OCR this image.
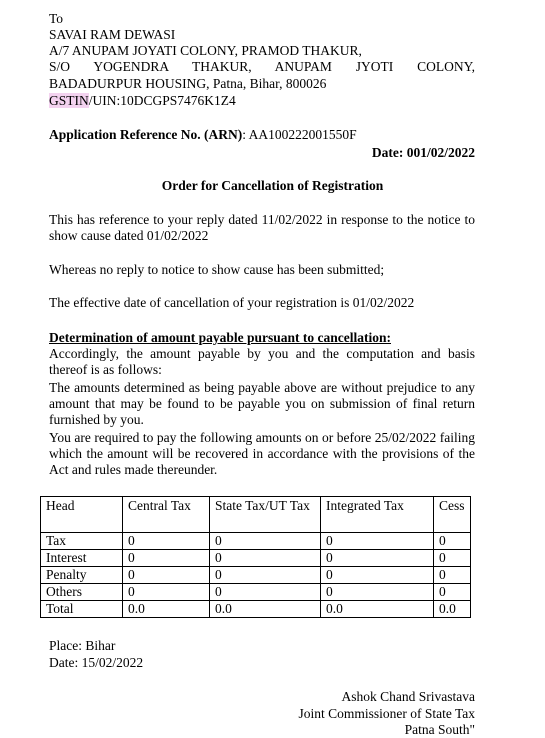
To
SAVAI RAM DEWASI
A/7 ANUPAM JOYATI COLONY, PRAMOD THAKUR,
S/O YOGENDRA THAKUR, ANUPAM JYOTI COLONY,
BADADURPUR HOUSING, Patna, Bihar, 800026
GSTIN/UIN:10DCGPS7476K1Z4
Application Reference No. (ARN): AA100222001550F
Date: 001/02/2022
Order for Cancellation of Registration
This has reference to your reply dated 11/02/2022 in response to the notice to show cause dated 01/02/2022
Whereas no reply to notice to show cause has been submitted;
The effective date of cancellation of your registration is 01/02/2022
Determination of amount payable pursuant to cancellation:
Accordingly, the amount payable by you and the computation and basis thereof is as follows:
The amounts determined as being payable above are without prejudice to any amount that may be found to be payable you on submission of final return furnished by you.
You are required to pay the following amounts on or before 25/02/2022 failing which the amount will be recovered in accordance with the provisions of the Act and rules made thereunder.
Head	Central Tax	State Tax/UT Tax	Integrated Tax	Cess
Tax	0	0	0	0
Interest	0	0	0	0
Penalty	0	0	0	0
Others	0	0	0	0
Total	0.0	0.0	0.0	0.0
Place: Bihar
Date: 15/02/2022
Ashok Chand Srivastava
Joint Commissioner of State Tax
Patna South"
